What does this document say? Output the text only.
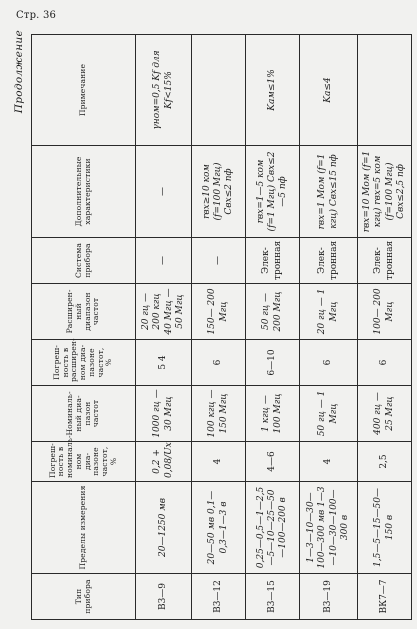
Стр. 36
Продолжение
Тип прибора	Пределы измерения	Погрешность в номинальном диапазоне частот, %	Номинальный диапазон частот	Погрешность в расширенном диапазоне частот, %	Расширенный диапазон частот	Система прибора	Дополнительные характеристики	Примечание
В3—9	20—1250 мв	0,2 + 0,08/Uх	1000 гц — 30 Мгц	5 4	20 гц — 200 кгц 40 Мгц — 50 Мгц	—	—	γном=0,5 Kf для Kf<15%
В3—12	20—50 мв 0,1—0,3—1—3 в	4	100 кгц — 150 Мгц	6	150— 200 Мгц	—	rвх≥10 ком (f=100 Мгц) Свх≤2 пф	
В3—15	0,25—0,5—1—2,5—5—10—25—50—100—200 в	4—6	1 кгц — 100 Мгц	6—10	50 гц — 200 Мгц	Электронная	rвх=1—5 ком (f=1 Мгц) Свх≤2—5 пф	Kам≤1%
В3—19	1—3—10—30—100—300 мв 1—3—10—30—100—300 в	4	50 гц — 1 Мгц	6	20 гц — 1 Мгц	Электронная	rвх=1 Мом (f=1 кгц) Свх≤15 пф	Kа≤4
ВК7—7	1,5—5—15—50—150 в	2,5	400 гц — 25 Мгц	6	100— 200 Мгц	Электронная	rвх=10 Мом (f=1 кгц) rвх=5 ком (f=100 Мгц) Свх≤2,5 пф	
